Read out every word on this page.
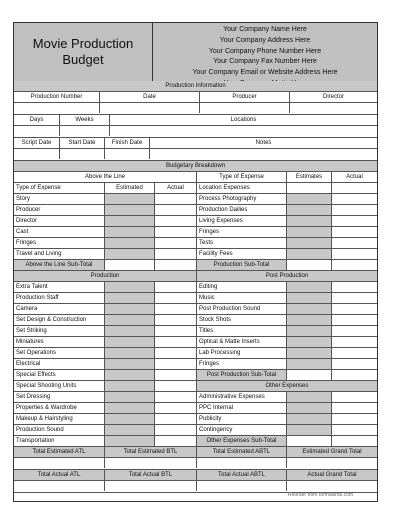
Movie Production
Budget
Your Company Name Here
Your Company Address Here
Your Company Phone Number Here
Your Company Fax Number Here
Your Company Email or Website Address Here
Production Information
Production Number	Date	Producer	Director
Days	Weeks	Locations
Script Date	Start Date	Finish Date	Notes
Budgetary Breakdown
Above the Line	Type of Expense	Estimates	Actual
Type of Expense	Estimated	Actual	Location Expenses
Story	Process Photography
Producer	Production Dailies
Director	Living Expenses
Cast	Fringes
Fringes	Tests
Travel and Living	Facility Fees
Above the Line Sub-Total	Production Sub-Total
Production	Post Production
Extra Talent	Editing
Production Staff	Music
Camera	Post Production Sound
Set Design & Construction	Stock Shots
Set Striking	Titles
Miniatures	Optical & Matte Inserts
Set Operations	Lab Processing
Electrical	Fringes
Special Effects	Post Production Sub-Total
Special Shooting Units	Other Expenses
Set Dressing	Administrative Expenses
Properties & Wardrobe	PPC Internal
Makeup & Hairstyling	Publicity
Production Sound	Contingency
Transportation	Other Expenses Sub-Total
Total Estimated ATL	Total Estimated BTL	Total Estimated ABTL	Estimated Grand Total
Total Actual ATL	Total Actual BTL	Total Actual ABTL	Actual Grand Total
Reorder from formsbirds.com
